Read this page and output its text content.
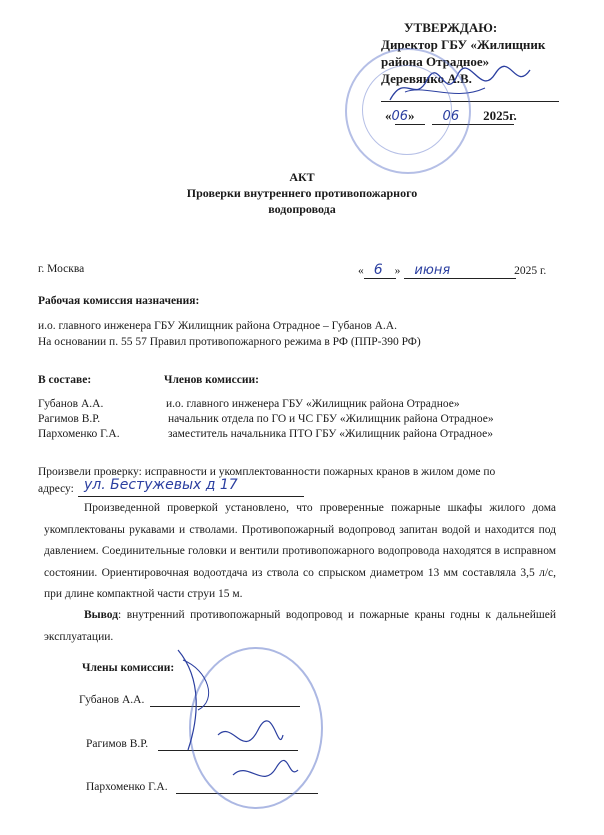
УТВЕРЖДАЮ:
Директор ГБУ «Жилищник
района Отрадное»
Деревянко А.В.
«06» 06 2025г.
АКТ
Проверки внутреннего противопожарного
водопровода
г. Москва	« 6 » июня	2025 г.
Рабочая комиссия назначения:
и.о. главного инженера ГБУ Жилищник района Отрадное – Губанов А.А.
На основании п. 55 57 Правил противопожарного режима в РФ (ППР-390 РФ)
В составе:	Членов комиссии:
Губанов А.А.	и.о. главного инженера ГБУ «Жилищник района Отрадное»
Рагимов В.Р.	начальник отдела по ГО и ЧС ГБУ «Жилищник района Отрадное»
Пархоменко Г.А.	заместитель начальника ПТО ГБУ «Жилищник района Отрадное»
Произвели проверку: исправности и укомплектованности пожарных кранов в жилом доме по
адресу: ул. Бестужевых д 17
Произведенной проверкой установлено, что проверенные пожарные шкафы жилого дома укомплектованы рукавами и стволами. Противопожарный водопровод запитан водой и находится под давлением. Соединительные головки и вентили противопожарного водопровода находятся в исправном состоянии. Ориентировочная водоотдача из ствола со спрыском диаметром 13 мм составляла 3,5 л/с, при длине компактной части струи 15 м.
Вывод: внутренний противопожарный водопровод и пожарные краны годны к дальнейшей эксплуатации.
Члены комиссии:
Губанов А.А.
Рагимов В.Р.
Пархоменко Г.А.
